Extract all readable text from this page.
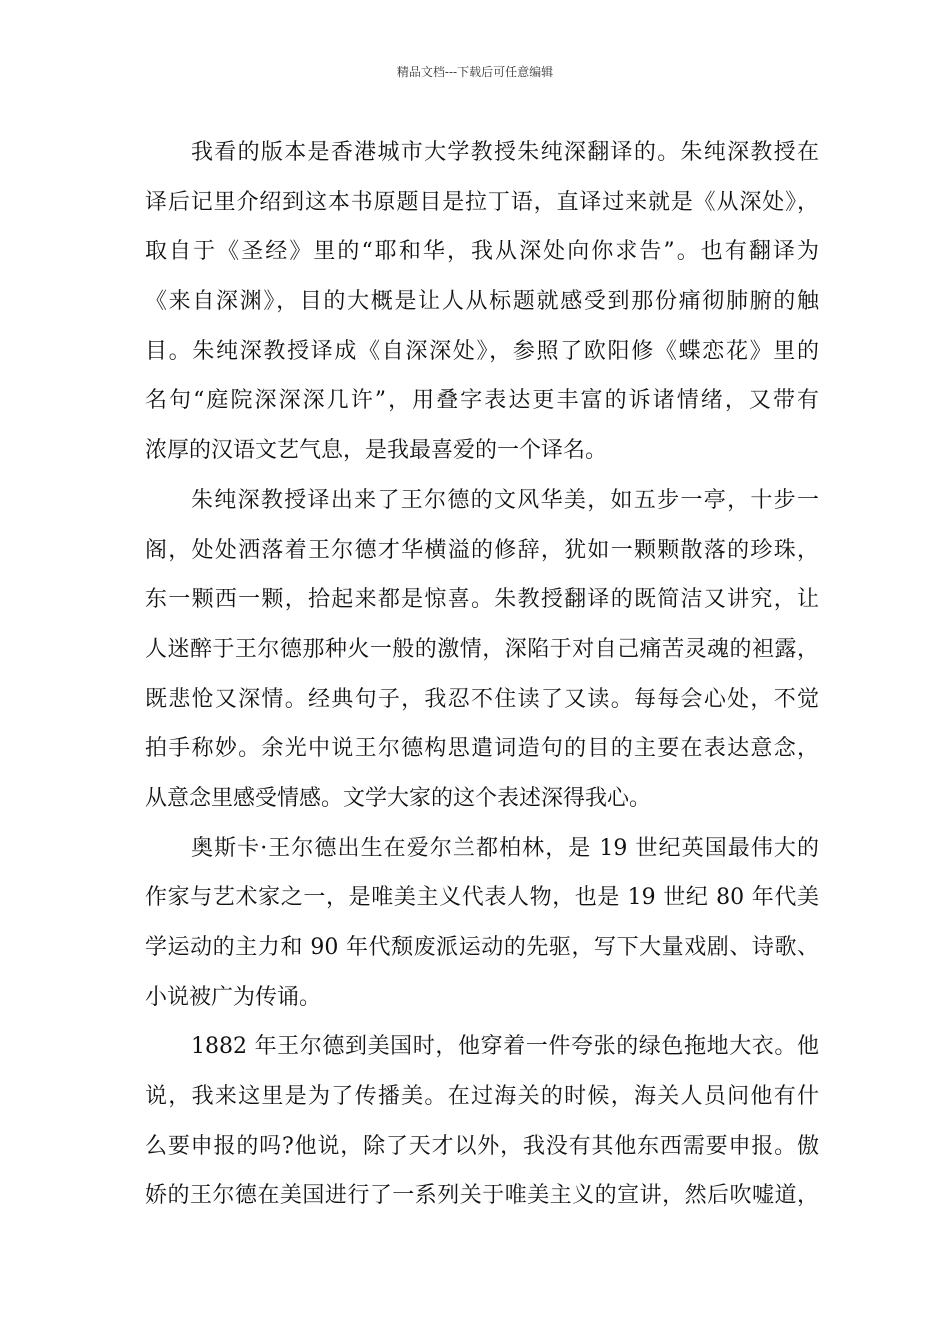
精品文档---下载后可任意编辑
我看的版本是香港城市大学教授朱纯深翻译的。朱纯深教授在
译后记里介绍到这本书原题目是拉丁语，直译过来就是《从深处》，
取自于《圣经》里的“耶和华，我从深处向你求告”。也有翻译为
《来自深渊》，目的大概是让人从标题就感受到那份痛彻肺腑的触
目。朱纯深教授译成《自深深处》，参照了欧阳修《蝶恋花》里的
名句“庭院深深深几许”，用叠字表达更丰富的诉诸情绪，又带有
浓厚的汉语文艺气息，是我最喜爱的一个译名。
朱纯深教授译出来了王尔德的文风华美，如五步一亭，十步一
阁，处处洒落着王尔德才华横溢的修辞，犹如一颗颗散落的珍珠，
东一颗西一颗，拾起来都是惊喜。朱教授翻译的既简洁又讲究，让
人迷醉于王尔德那种火一般的激情，深陷于对自己痛苦灵魂的袒露，
既悲怆又深情。经典句子，我忍不住读了又读。每每会心处，不觉
拍手称妙。余光中说王尔德构思遣词造句的目的主要在表达意念，
从意念里感受情感。文学大家的这个表述深得我心。
奥斯卡·王尔德出生在爱尔兰都柏林，是 19 世纪英国最伟大的
作家与艺术家之一，是唯美主义代表人物，也是 19 世纪 80 年代美
学运动的主力和 90 年代颓废派运动的先驱，写下大量戏剧、诗歌、
小说被广为传诵。
1882 年王尔德到美国时，他穿着一件夸张的绿色拖地大衣。他
说，我来这里是为了传播美。在过海关的时候，海关人员问他有什
么要申报的吗?他说，除了天才以外，我没有其他东西需要申报。傲
娇的王尔德在美国进行了一系列关于唯美主义的宣讲，然后吹嘘道，
